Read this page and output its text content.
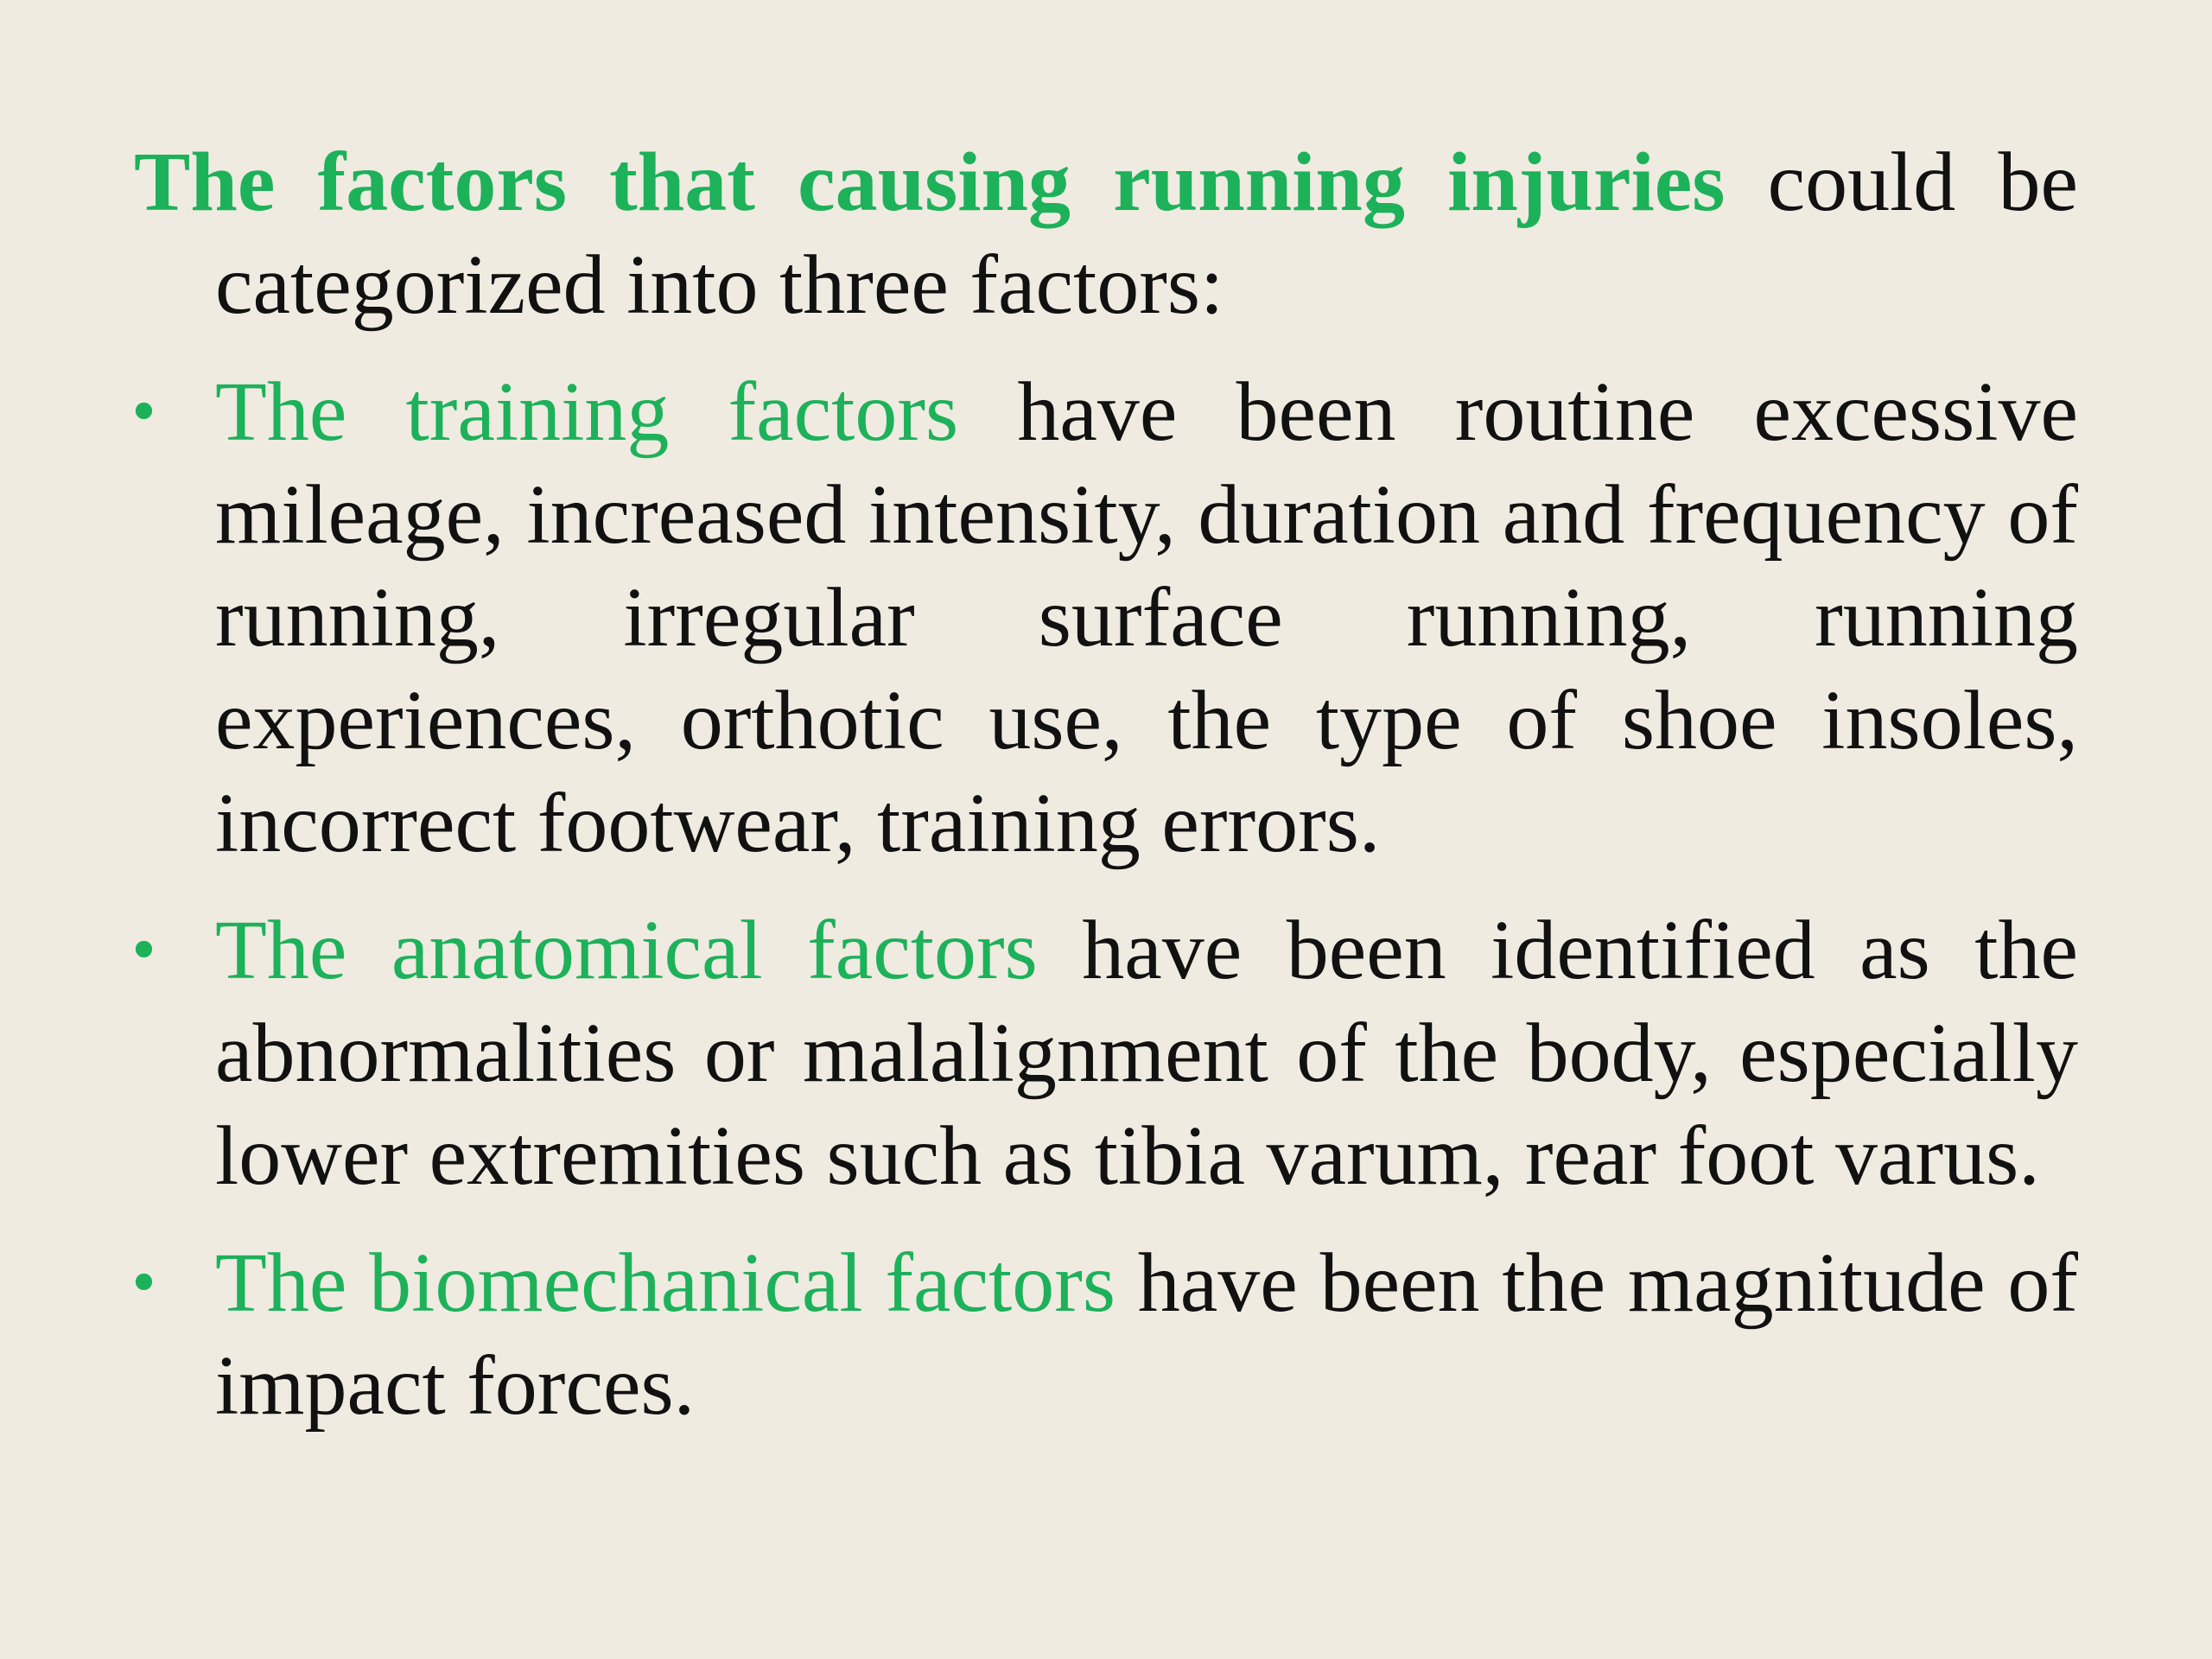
The factors that causing running injuries could be categorized into three factors:

• The training factors have been routine excessive mileage, increased intensity, duration and frequency of running, irregular surface running, running experiences, orthotic use, the type of shoe insoles, incorrect footwear, training errors.

• The anatomical factors have been identified as the abnormalities or malalignment of the body, especially lower extremities such as tibia varum, rear foot varus.

• The biomechanical factors have been the magnitude of impact forces.
